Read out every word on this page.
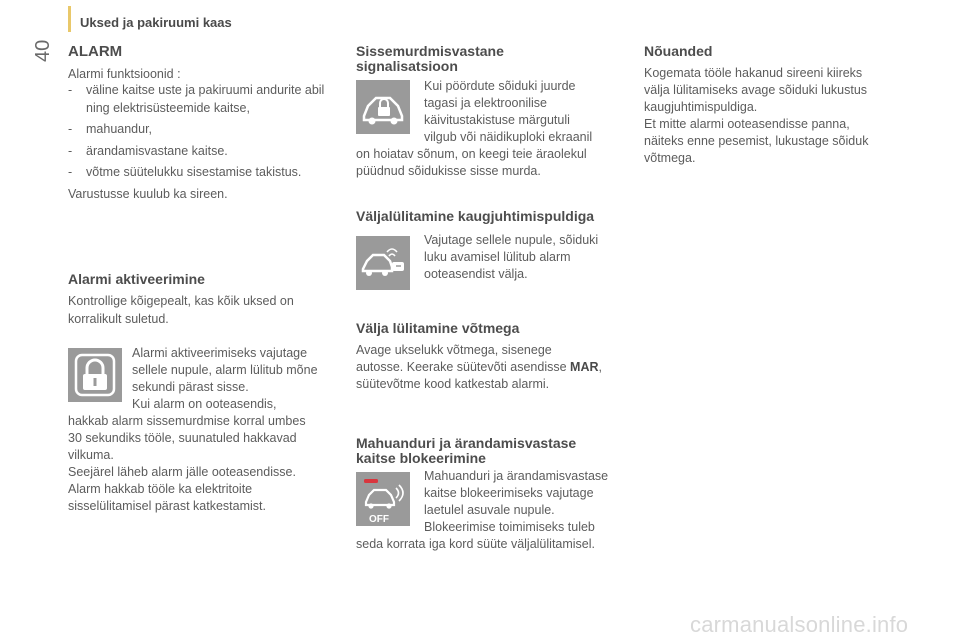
Uksed ja pakiruumi kaas
40 ALARM
Alarmi funktsioonid :
- väline kaitse uste ja pakiruumi andurite abil ning elektrisüsteemide kaitse,
- mahuandur,
- ärandamisvastane kaitse.
- võtme süütelukku sisestamise takistus.
Varustusse kuulub ka sireen.
Alarmi aktiveerimine
Kontrollige kõigepealt, kas kõik uksed on korralikult suletud.
Alarmi aktiveerimiseks vajutage
sellele nupule, alarm lülitub mõne
sekundi pärast sisse.
Kui alarm on ooteasendis,
hakkab alarm sissemurdmise korral umbes
30 sekundiks tööle, suunatuled hakkavad
vilkuma.
Seejärel läheb alarm jälle ooteasendisse.
Alarm hakkab tööle ka elektritoite
sisselülitamisel pärast katkestamist.
Sissemurdmisvastane
signalisatsioon
Kui pöördute sõiduki juurde
tagasi ja elektroonilise
käivitustakistuse märgutuli
vilgub või näidikuploki ekraanil
on hoiatav sõnum, on keegi teie äraolekul
püüdnud sõidukisse sisse murda.
Väljalülitamine kaugjuhtimispuldiga
Vajutage sellele nupule, sõiduki
luku avamisel lülitub alarm
ooteasendist välja.
Välja lülitamine võtmega
Avage ukselukk võtmega, sisenege
autosse. Keerake süütevõti asendisse MAR,
süütevõtme kood katkestab alarmi.
Mahuanduri ja ärandamisvastase
kaitse blokeerimine
OFF
Mahuanduri ja ärandamisvastase
kaitse blokeerimiseks vajutage
laetulel asuvale nupule.
Blokeerimise toimimiseks tuleb
seda korrata iga kord süüte väljalülitamisel.
Nõuanded
Kogemata tööle hakanud sireeni kiireks
välja lülitamiseks avage sõiduki lukustus
kaugjuhtimispuldiga.
Et mitte alarmi ooteasendisse panna,
näiteks enne pesemist, lukustage sõiduk
võtmega.
carmanualsonline.info
